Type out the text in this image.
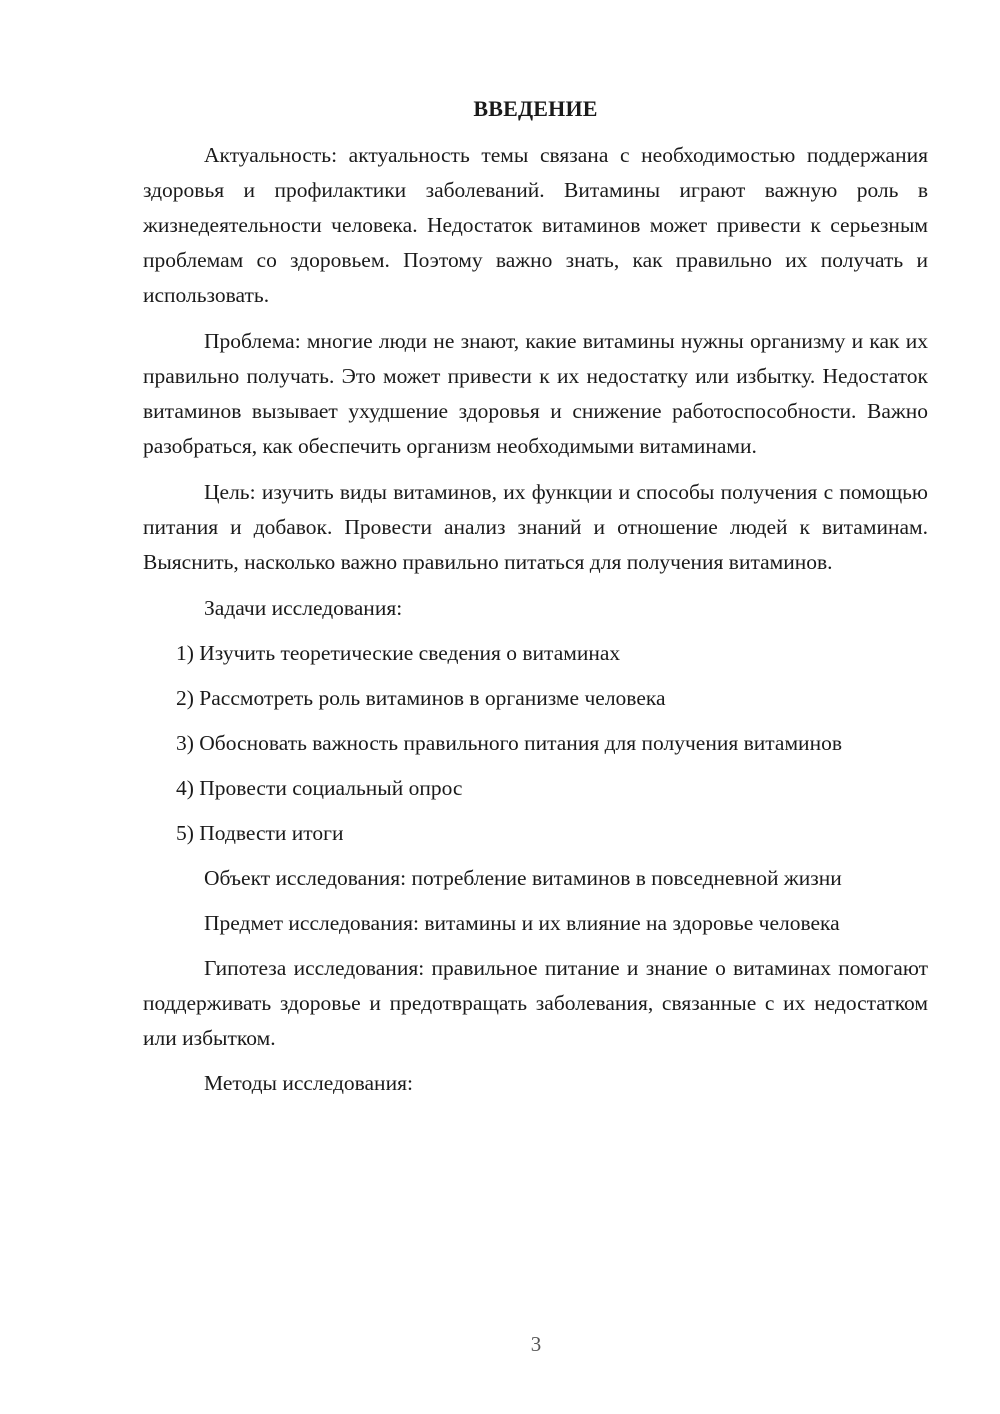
ВВЕДЕНИЕ

Актуальность: актуальность темы связана с необходимостью поддержания здоровья и профилактики заболеваний. Витамины играют важную роль в жизнедеятельности человека. Недостаток витаминов может привести к серьезным проблемам со здоровьем. Поэтому важно знать, как правильно их получать и использовать.

Проблема: многие люди не знают, какие витамины нужны организму и как их правильно получать. Это может привести к их недостатку или избытку. Недостаток витаминов вызывает ухудшение здоровья и снижение работоспособности. Важно разобраться, как обеспечить организм необходимыми витаминами.

Цель: изучить виды витаминов, их функции и способы получения с помощью питания и добавок. Провести анализ знаний и отношение людей к витаминам. Выяснить, насколько важно правильно питаться для получения витаминов.

Задачи исследования:

1) Изучить теоретические сведения о витаминах

2) Рассмотреть роль витаминов в организме человека

3) Обосновать важность правильного питания для получения витаминов

4) Провести социальный опрос

5) Подвести итоги

Объект исследования: потребление витаминов в повседневной жизни

Предмет исследования: витамины и их влияние на здоровье человека

Гипотеза исследования: правильное питание и знание о витаминах помогают поддерживать здоровье и предотвращать заболевания, связанные с их недостатком или избытком.

Методы исследования:

3
